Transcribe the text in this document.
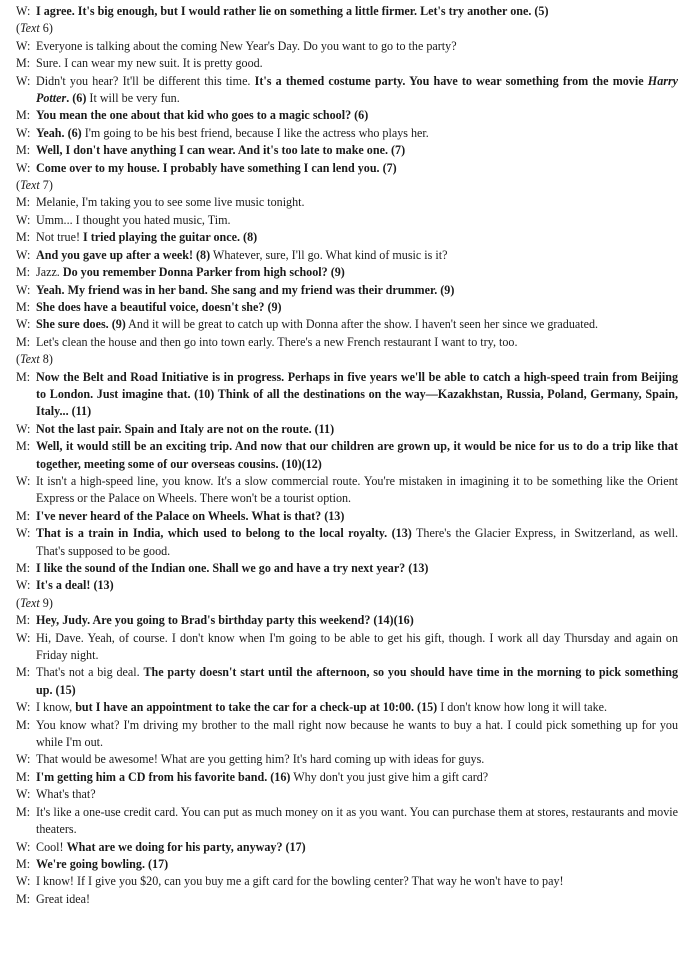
W: I agree. It's big enough, but I would rather lie on something a little firmer. Let's try another one. (5)
(Text 6)
W: Everyone is talking about the coming New Year's Day. Do you want to go to the party?
M: Sure. I can wear my new suit. It is pretty good.
W: Didn't you hear? It'll be different this time. It's a themed costume party. You have to wear something from the movie Harry Potter. (6) It will be very fun.
M: You mean the one about that kid who goes to a magic school? (6)
W: Yeah. (6) I'm going to be his best friend, because I like the actress who plays her.
M: Well, I don't have anything I can wear. And it's too late to make one. (7)
W: Come over to my house. I probably have something I can lend you. (7)
(Text 7)
M: Melanie, I'm taking you to see some live music tonight.
W: Umm... I thought you hated music, Tim.
M: Not true! I tried playing the guitar once. (8)
W: And you gave up after a week! (8) Whatever, sure, I'll go. What kind of music is it?
M: Jazz. Do you remember Donna Parker from high school? (9)
W: Yeah. My friend was in her band. She sang and my friend was their drummer. (9)
M: She does have a beautiful voice, doesn't she? (9)
W: She sure does. (9) And it will be great to catch up with Donna after the show. I haven't seen her since we graduated.
M: Let's clean the house and then go into town early. There's a new French restaurant I want to try, too.
(Text 8)
M: Now the Belt and Road Initiative is in progress. Perhaps in five years we'll be able to catch a high-speed train from Beijing to London. Just imagine that. (10) Think of all the destinations on the way—Kazakhstan, Russia, Poland, Germany, Spain, Italy... (11)
W: Not the last pair. Spain and Italy are not on the route. (11)
M: Well, it would still be an exciting trip. And now that our children are grown up, it would be nice for us to do a trip like that together, meeting some of our overseas cousins. (10)(12)
W: It isn't a high-speed line, you know. It's a slow commercial route. You're mistaken in imagining it to be something like the Orient Express or the Palace on Wheels. There won't be a tourist option.
M: I've never heard of the Palace on Wheels. What is that? (13)
W: That is a train in India, which used to belong to the local royalty. (13) There's the Glacier Express, in Switzerland, as well. That's supposed to be good.
M: I like the sound of the Indian one. Shall we go and have a try next year? (13)
W: It's a deal! (13)
(Text 9)
M: Hey, Judy. Are you going to Brad's birthday party this weekend? (14)(16)
W: Hi, Dave. Yeah, of course. I don't know when I'm going to be able to get his gift, though. I work all day Thursday and again on Friday night.
M: That's not a big deal. The party doesn't start until the afternoon, so you should have time in the morning to pick something up. (15)
W: I know, but I have an appointment to take the car for a check-up at 10:00. (15) I don't know how long it will take.
M: You know what? I'm driving my brother to the mall right now because he wants to buy a hat. I could pick something up for you while I'm out.
W: That would be awesome! What are you getting him? It's hard coming up with ideas for guys.
M: I'm getting him a CD from his favorite band. (16) Why don't you just give him a gift card?
W: What's that?
M: It's like a one-use credit card. You can put as much money on it as you want. You can purchase them at stores, restaurants and movie theaters.
W: Cool! What are we doing for his party, anyway? (17)
M: We're going bowling. (17)
W: I know! If I give you $20, can you buy me a gift card for the bowling center? That way he won't have to pay!
M: Great idea!
